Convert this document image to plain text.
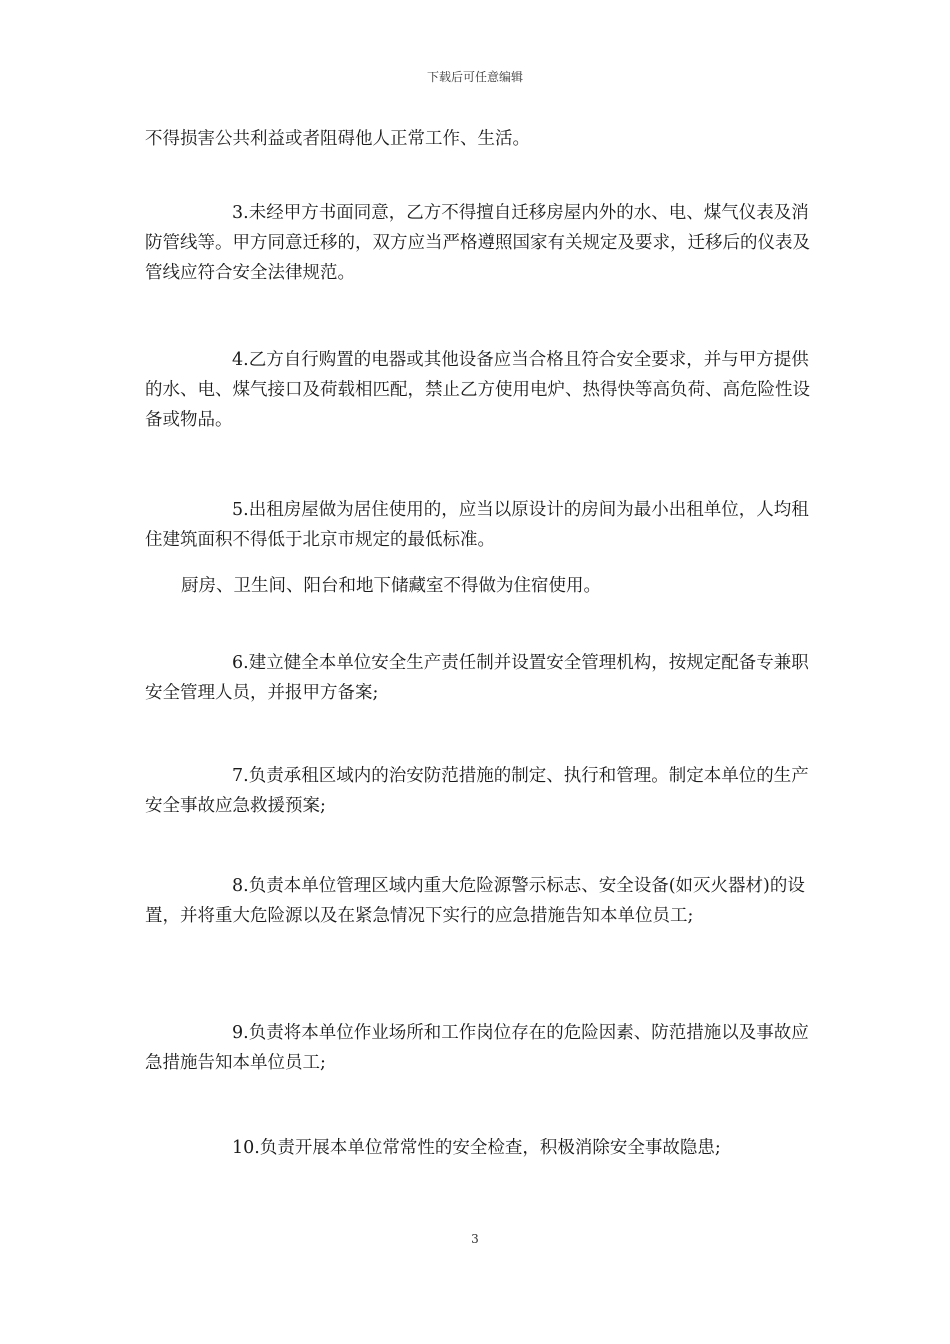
下载后可任意编辑

不得损害公共利益或者阻碍他人正常工作、生活。

3.未经甲方书面同意，乙方不得擅自迁移房屋内外的水、电、煤气仪表及消防管线等。甲方同意迁移的，双方应当严格遵照国家有关规定及要求，迁移后的仪表及管线应符合安全法律规范。

4.乙方自行购置的电器或其他设备应当合格且符合安全要求，并与甲方提供的水、电、煤气接口及荷载相匹配，禁止乙方使用电炉、热得快等高负荷、高危险性设备或物品。

5.出租房屋做为居住使用的，应当以原设计的房间为最小出租单位，人均租住建筑面积不得低于北京市规定的最低标准。

厨房、卫生间、阳台和地下储藏室不得做为住宿使用。

6.建立健全本单位安全生产责任制并设置安全管理机构，按规定配备专兼职安全管理人员，并报甲方备案;

7.负责承租区域内的治安防范措施的制定、执行和管理。制定本单位的生产安全事故应急救援预案;

8.负责本单位管理区域内重大危险源警示标志、安全设备(如灭火器材)的设置，并将重大危险源以及在紧急情况下实行的应急措施告知本单位员工;

9.负责将本单位作业场所和工作岗位存在的危险因素、防范措施以及事故应急措施告知本单位员工;

10.负责开展本单位常常性的安全检查，积极消除安全事故隐患;

3
